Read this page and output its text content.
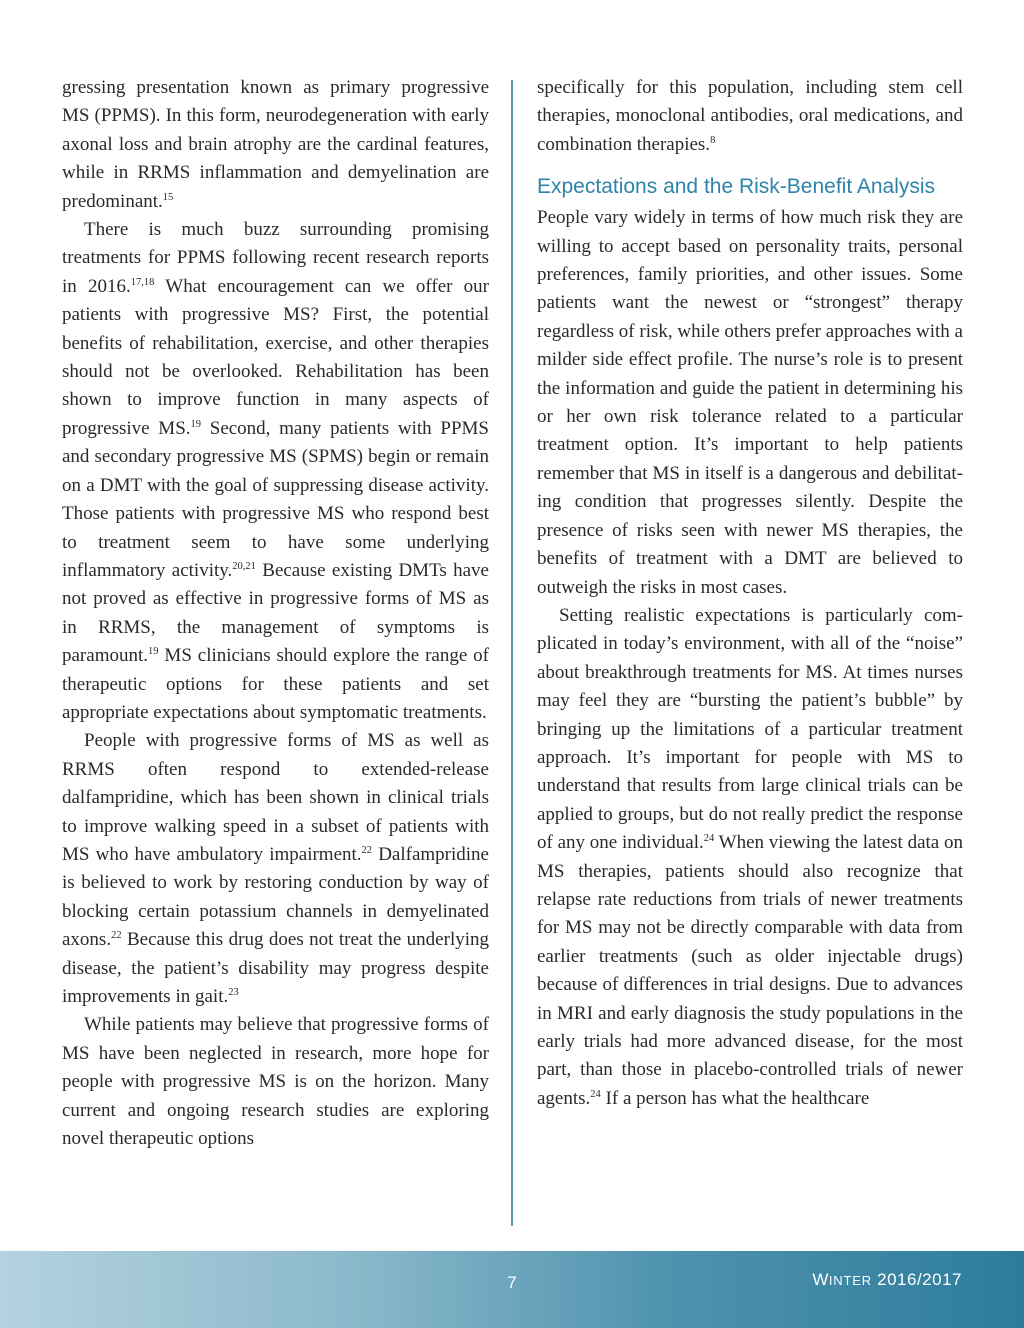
gressing presentation known as primary progressive MS (PPMS). In this form, neurodegeneration with early axonal loss and brain atrophy are the cardinal features, while in RRMS inflammation and demyelination are predominant.$^{15}$

There is much buzz surrounding promising treatments for PPMS following recent research reports in 2016.$^{17,18}$ What encouragement can we offer our patients with progressive MS? First, the potential benefits of rehabilitation, exercise, and other therapies should not be overlooked. Rehabilitation has been shown to improve function in many aspects of progressive MS.$^{19}$ Second, many patients with PPMS and secondary progressive MS (SPMS) begin or remain on a DMT with the goal of suppressing disease activity. Those patients with progressive MS who respond best to treatment seem to have some underlying inflammatory activity.$^{20,21}$ Because existing DMTs have not proved as effective in progressive forms of MS as in RRMS, the management of symptoms is paramount.$^{19}$ MS clinicians should explore the range of therapeutic options for these patients and set appropriate expectations about symptomatic treatments.

People with progressive forms of MS as well as RRMS often respond to extended-release dalfampridine, which has been shown in clinical trials to improve walking speed in a subset of patients with MS who have ambulatory impairment.$^{22}$ Dalfampridine is believed to work by restoring conduction by way of blocking certain potassium channels in demyelinated axons.$^{22}$ Because this drug does not treat the underlying disease, the patient’s disability may progress despite improvements in gait.$^{23}$

While patients may believe that progressive forms of MS have been neglected in research, more hope for people with progressive MS is on the horizon. Many current and ongoing research studies are exploring novel therapeutic options

specifically for this population, including stem cell therapies, monoclonal antibodies, oral medications, and combination therapies.$^8$

Expectations and the Risk-Benefit Analysis

People vary widely in terms of how much risk they are willing to accept based on personality traits, personal preferences, family priorities, and other issues. Some patients want the newest or “strongest” therapy regardless of risk, while others prefer approaches with a milder side effect profile. The nurse’s role is to present the information and guide the patient in determining his or her own risk tolerance related to a particular treatment option. It’s important to help patients remember that MS in itself is a dangerous and debilitating condition that progresses silently. Despite the presence of risks seen with newer MS therapies, the benefits of treatment with a DMT are believed to outweigh the risks in most cases.

Setting realistic expectations is particularly complicated in today’s environment, with all of the “noise” about breakthrough treatments for MS. At times nurses may feel they are “bursting the patient’s bubble” by bringing up the limitations of a particular treatment approach. It’s important for people with MS to understand that results from large clinical trials can be applied to groups, but do not really predict the response of any one individual.$^{24}$ When viewing the latest data on MS therapies, patients should also recognize that relapse rate reductions from trials of newer treatments for MS may not be directly comparable with data from earlier treatments (such as older injectable drugs) because of differences in trial designs. Due to advances in MRI and early diagnosis the study populations in the early trials had more advanced disease, for the most part, than those in placebo-controlled trials of newer agents.$^{24}$ If a person has what the healthcare

7	WINTER 2016/2017
